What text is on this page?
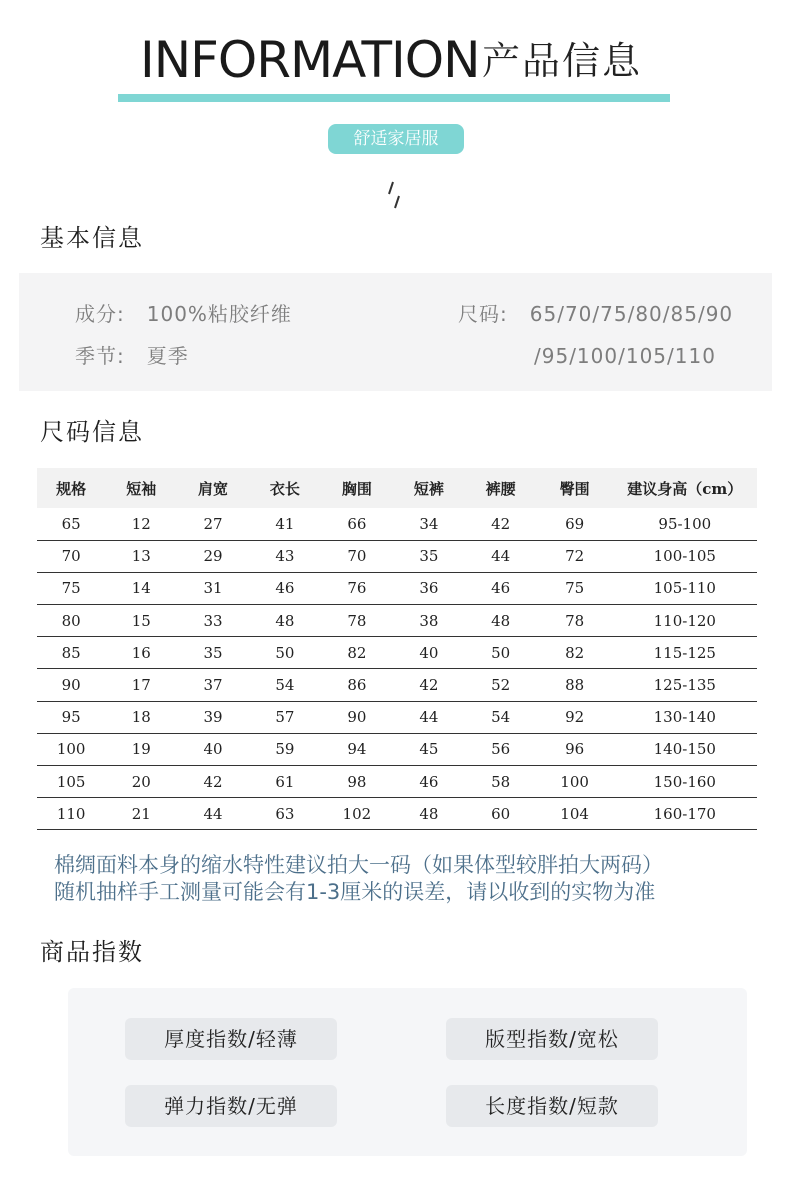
INFORMATION 产品信息
舒适家居服
基本信息
成分: 100%粘胶纤维
季节: 夏季
尺码: 65/70/75/80/85/90
/95/100/105/110
尺码信息
规格	短袖	肩宽	衣长	胸围	短裤	裤腰	臀围	建议身高（cm）
65	12	27	41	66	34	42	69	95-100
70	13	29	43	70	35	44	72	100-105
75	14	31	46	76	36	46	75	105-110
80	15	33	48	78	38	48	78	110-120
85	16	35	50	82	40	50	82	115-125
90	17	37	54	86	42	52	88	125-135
95	18	39	57	90	44	54	92	130-140
100	19	40	59	94	45	56	96	140-150
105	20	42	61	98	46	58	100	150-160
110	21	44	63	102	48	60	104	160-170
棉绸面料本身的缩水特性建议拍大一码（如果体型较胖拍大两码）
随机抽样手工测量可能会有1-3厘米的误差，请以收到的实物为准
商品指数
厚度指数/轻薄	版型指数/宽松
弹力指数/无弹	长度指数/短款
